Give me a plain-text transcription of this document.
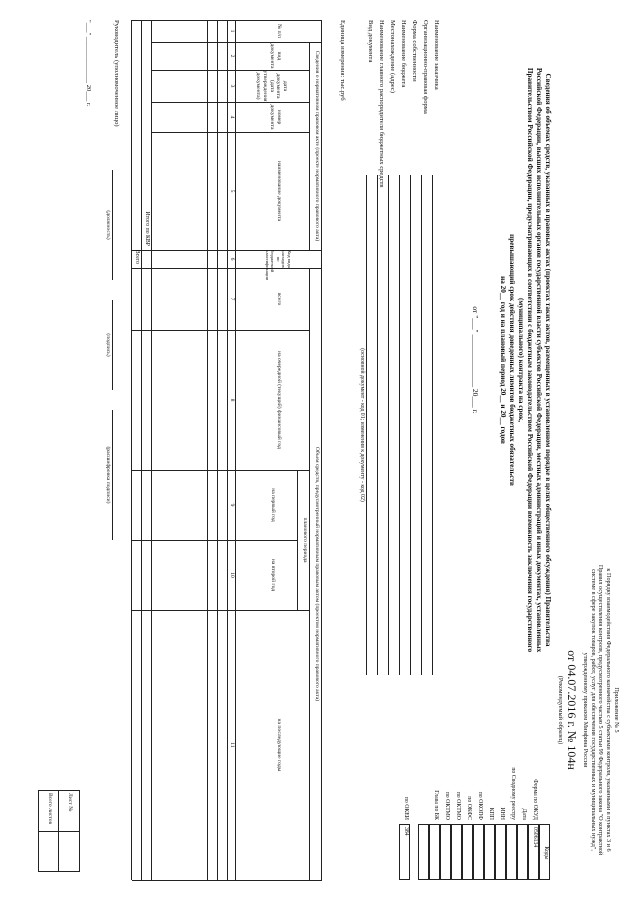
Приложение № 5
к Порядку взаимодействия Федерального казначейства с субъектами контроля, указанными в пунктах 3 и 6 Правил осуществления контроля, предусмотренного частью 5 статьи 99 Федерального закона "О контрактной системе в сфере закупок товаров, работ, услуг для обеспечения государственных и муниципальных нужд", утвержденному приказом Минфина России
от 04.07.2016 г. № 104н
(Рекомендуемый образец)
Сведения об объемах средств, указанных в правовых актах (проектах таких актов, размещенных в установленном порядке в целях общественного обсуждения) Правительства
Российской Федерации, высших исполнительных органов государственной власти субъектов Российской Федерации, местных администраций и иных документах, установленных
Правительством Российской Федерации, предусматривающих в соответствии с бюджетным законодательством Российской Федерации возможность заключения государственного
(муниципального) контракта на срок,
превышающий срок действия доведенных лимитов бюджетных обязательств
на 20__ год и на плановый период 20__ и 20__ годов
от "___" ______________ 20___ г.
Коды
Форма по ОКУД
0506134
Дата
по Сводному реестру
ИНН
КПП
по ОКОПФ
по ОКФС
по ОКТМО
по ОКТМО
Глава по БК
по ОКЕИ
384
Наименование заказчика
Организационно-правовая форма
Форма собственности
Наименование бюджета
Местонахождение (адрес)
Наименование главного распорядителя бюджетных средств
Вид документа
(основной документ - код 01; изменения к документу - код 02)
Единица измерения: тыс.руб
Сведения о нормативном правовом акте (проекте нормативного правового акта)
Объем средств, предусмотренный нормативным правовым актом (проектом нормативного правового акта)
планового периода
№ п/п
вид документа
дата документа (дата утверждения документа)
номер документа
наименование документа
Код вида расходов по бюджетной классификации
всего
на очередной (текущий) финансовый год
на первый год
на второй год
на последующие годы
1
2
3
4
5
6
7
8
9
10
11
Итого по КВР
Всего
Руководитель (уполномоченное лицо)
(должность)
(подпись)
(расшифровка подписи)
"___" ______________ 20___ г.
Лист №
Всего листов
